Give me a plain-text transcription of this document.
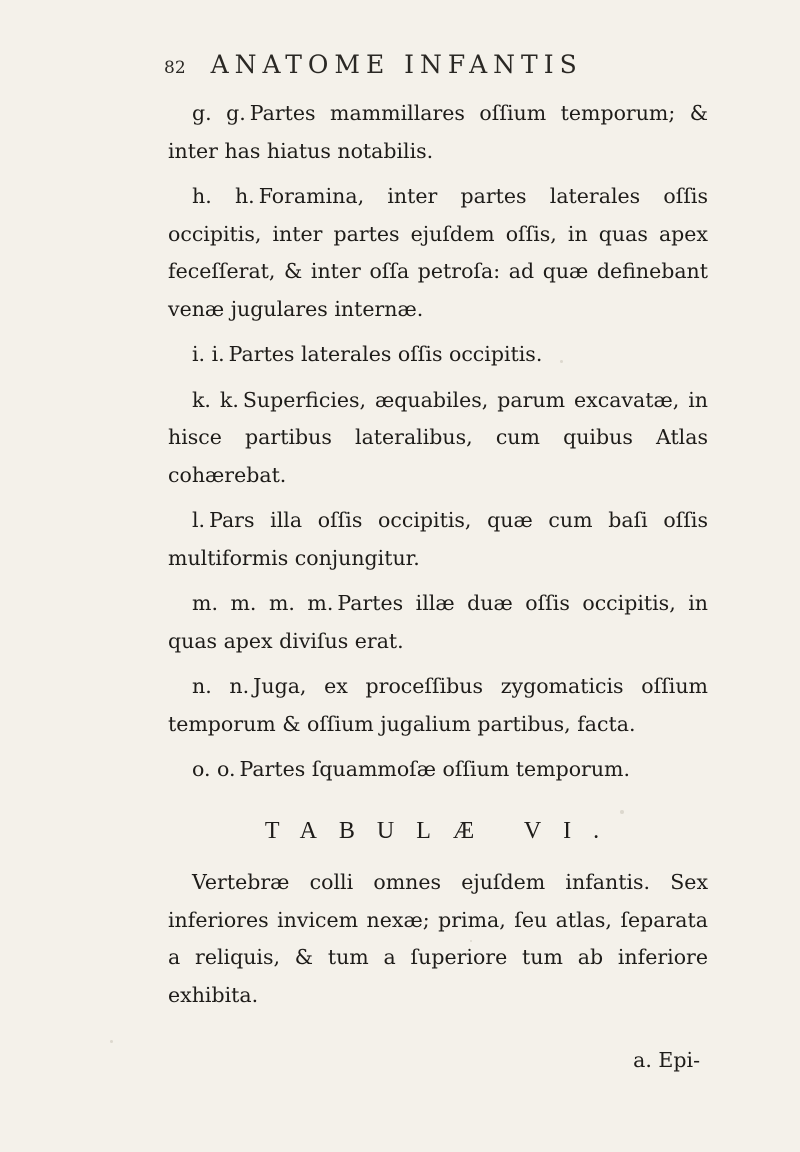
82 ANATOME INFANTIS

g. g. Partes mammillares oſſium temporum; & inter has hiatus notabilis.

h. h. Foramina, inter partes laterales oſſis occipitis, inter partes ejuſdem oſſis, in quas apex feceſſerat, & inter oſſa petroſa: ad quæ definebant venæ jugulares internæ.

i. i. Partes laterales oſſis occipitis.

k. k. Superficies, æquabiles, parum excavatæ, in hisce partibus lateralibus, cum quibus Atlas cohærebat.

l. Pars illa oſſis occipitis, quæ cum baſi oſſis multiformis conjungitur.

m. m. m. m. Partes illæ duæ oſſis occipitis, in quas apex diviſus erat.

n. n. Juga, ex proceſſibus zygomaticis oſſium temporum & oſſium jugalium partibus, facta.

o. o. Partes ſquammoſæ oſſium temporum.

TABULÆ VI.

Vertebræ colli omnes ejuſdem infantis. Sex inferiores invicem nexæ; prima, ſeu atlas, ſeparata a reliquis, & tum a ſuperiore tum ab inferiore exhibita.

a. Epi-
